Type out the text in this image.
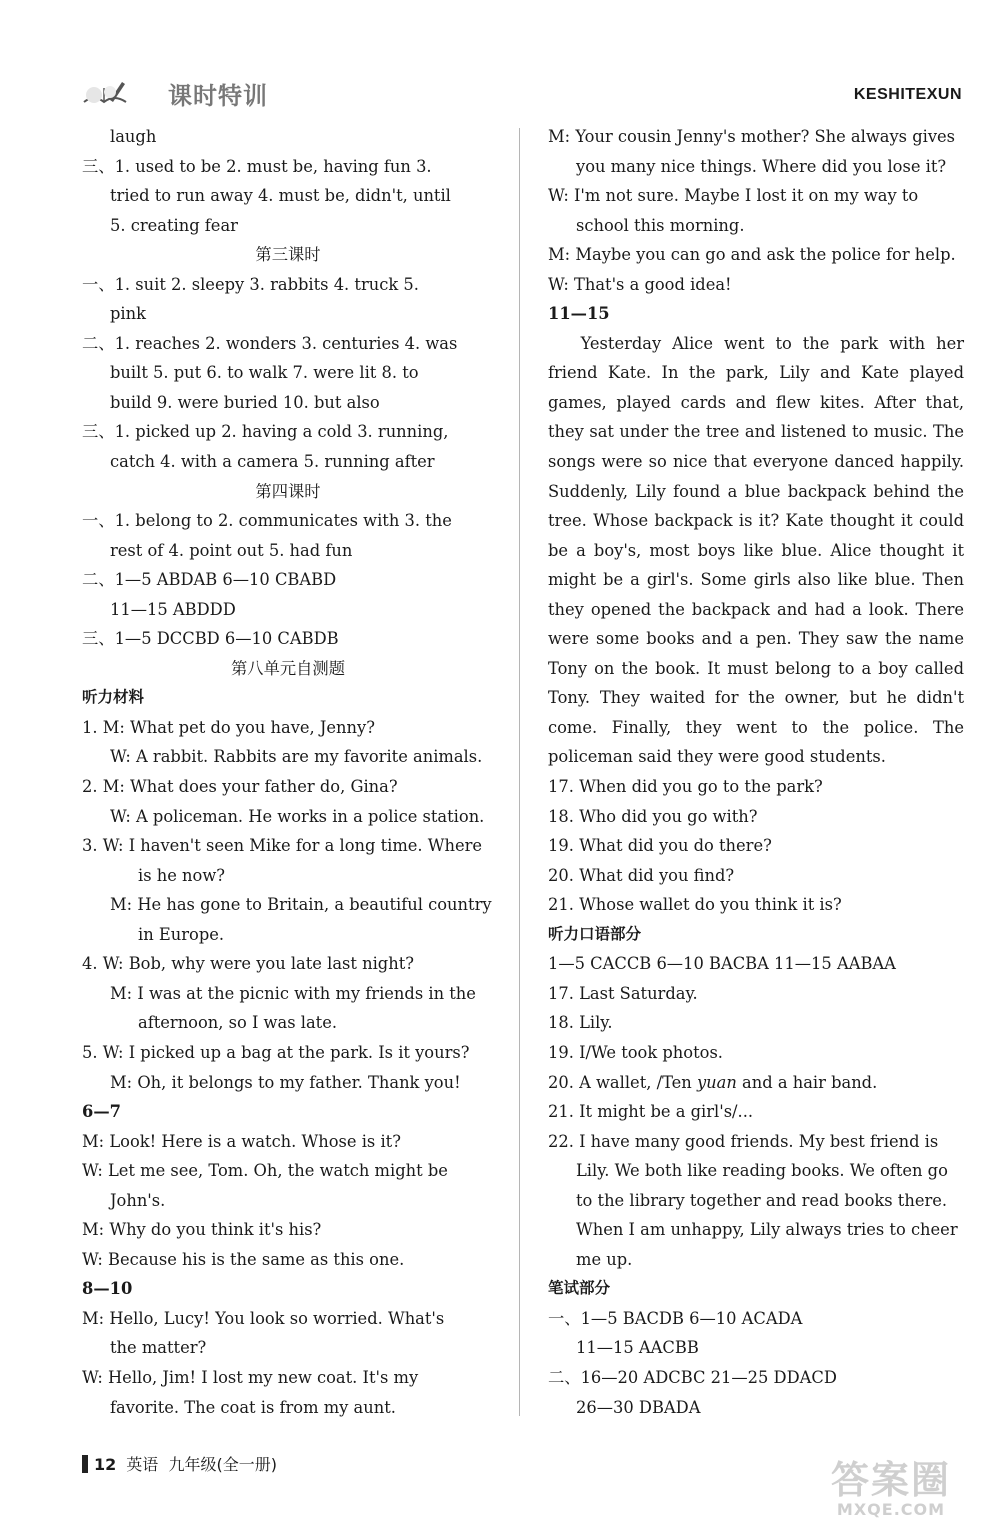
课时特训	KESHITEXUN
laugh
三、1. used to be 2. must be, having fun 3.
tried to run away 4. must be, didn't, until
5. creating fear
第三课时
一、1. suit 2. sleepy 3. rabbits 4. truck 5.
pink
二、1. reaches 2. wonders 3. centuries 4. was
built 5. put 6. to walk 7. were lit 8. to
build 9. were buried 10. but also
三、1. picked up 2. having a cold 3. running,
catch 4. with a camera 5. running after
第四课时
一、1. belong to 2. communicates with 3. the
rest of 4. point out 5. had fun
二、1—5 ABDAB 6—10 CBABD
11—15 ABDDD
三、1—5 DCCBD 6—10 CABDB
第八单元自测题
听力材料
1. M: What pet do you have, Jenny?
W: A rabbit. Rabbits are my favorite animals.
2. M: What does your father do, Gina?
W: A policeman. He works in a police station.
3. W: I haven't seen Mike for a long time. Where
is he now?
M: He has gone to Britain, a beautiful country
in Europe.
4. W: Bob, why were you late last night?
M: I was at the picnic with my friends in the
afternoon, so I was late.
5. W: I picked up a bag at the park. Is it yours?
M: Oh, it belongs to my father. Thank you!
6—7
M: Look! Here is a watch. Whose is it?
W: Let me see, Tom. Oh, the watch might be
John's.
M: Why do you think it's his?
W: Because his is the same as this one.
8—10
M: Hello, Lucy! You look so worried. What's
the matter?
W: Hello, Jim! I lost my new coat. It's my
favorite. The coat is from my aunt.
M: Your cousin Jenny's mother? She always gives
you many nice things. Where did you lose it?
W: I'm not sure. Maybe I lost it on my way to
school this morning.
M: Maybe you can go and ask the police for help.
W: That's a good idea!
11—15
Yesterday Alice went to the park with her friend Kate. In the park, Lily and Kate played games, played cards and flew kites. After that, they sat under the tree and listened to music. The songs were so nice that everyone danced happily. Suddenly, Lily found a blue backpack behind the tree. Whose backpack is it? Kate thought it could be a boy's, most boys like blue. Alice thought it might be a girl's. Some girls also like blue. Then they opened the backpack and had a look. There were some books and a pen. They saw the name Tony on the book. It must belong to a boy called Tony. They waited for the owner, but he didn't come. Finally, they went to the police. The policeman said they were good students.
17. When did you go to the park?
18. Who did you go with?
19. What did you do there?
20. What did you find?
21. Whose wallet do you think it is?
听力口语部分
1—5 CACCB 6—10 BACBA 11—15 AABAA
17. Last Saturday.
18. Lily.
19. I/We took photos.
20. A wallet, /Ten yuan and a hair band.
21. It might be a girl's/...
22. I have many good friends. My best friend is
Lily. We both like reading books. We often go
to the library together and read books there.
When I am unhappy, Lily always tries to cheer
me up.
笔试部分
一、1—5 BACDB 6—10 ACADA
11—15 AACBB
二、16—20 ADCBC 21—25 DDACD
26—30 DBADA
12 英语 九年级(全一册)	答案圈
MXQE.COM
